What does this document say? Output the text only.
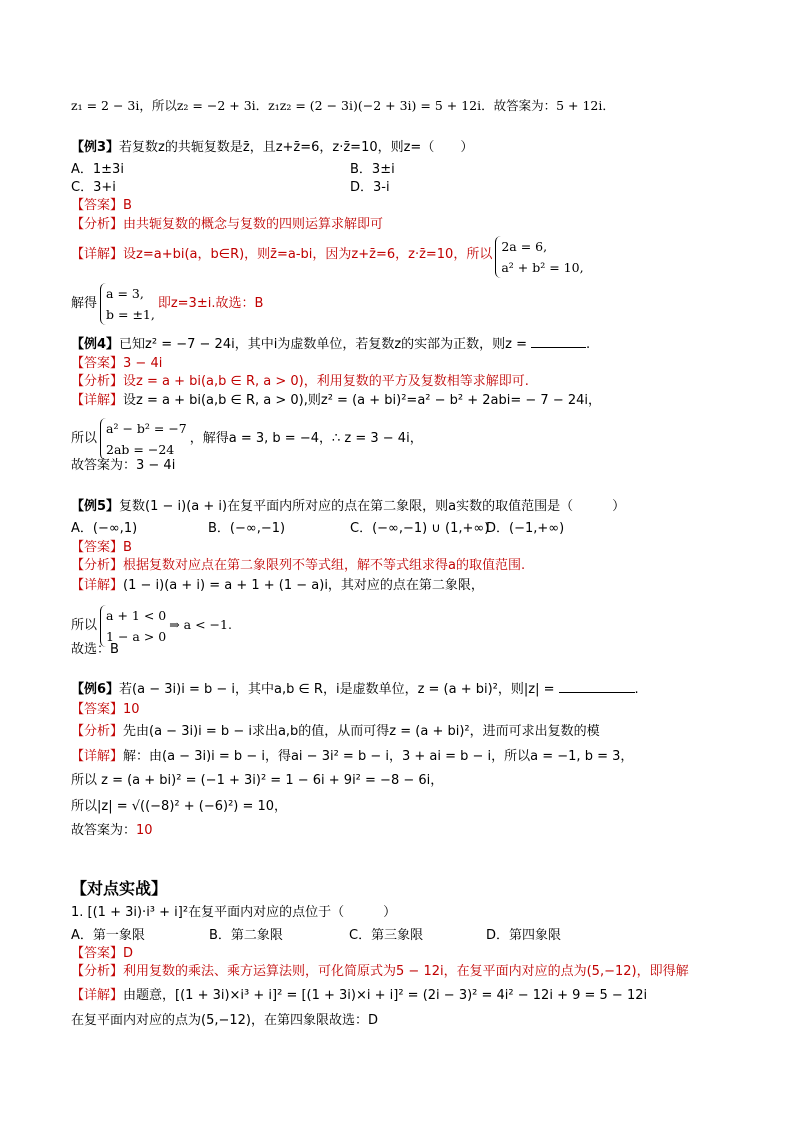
z₁ = 2 − 3i，所以z₂ = −2 + 3i．z₁z₂ = (2 − 3i)(−2 + 3i) = 5 + 12i．故答案为：5 + 12i．
【例3】若复数z的共轭复数是z̄，且z+z̄=6，z·z̄=10，则z=（　　）
A．1±3i	B．3±i
C．3+i	D．3-i
【答案】B
【分析】由共轭复数的概念与复数的四则运算求解即可
【详解】设z=a+bi(a，b∈R)，则z̄=a-bi，因为z+z̄=6，z·z̄=10，所以
2a = 6,
a² + b² = 10,
解得
a = 3,
b = ±1,
即z=3±i.故选：B
【例4】已知z² = −7 − 24i，其中i为虚数单位，若复数z的实部为正数，则z =	.
【答案】3 − 4i
【分析】设z = a + bi(a,b ∈ R, a > 0)，利用复数的平方及复数相等求解即可.
【详解】设z = a + bi(a,b ∈ R, a > 0),则z² = (a + bi)²=a² − b² + 2abi= − 7 − 24i，
所以
a² − b² = −7
2ab = −24
，解得a = 3, b = −4，∴ z = 3 − 4i，
故答案为：3 − 4i
【例5】复数(1 − i)(a + i)在复平面内所对应的点在第二象限，则a实数的取值范围是（　　　）
A．(−∞,1)	B．(−∞,−1)	C．(−∞,−1) ∪ (1,+∞)
D．(−1,+∞)
【答案】B
【分析】根据复数对应点在第二象限列不等式组，解不等式组求得a的取值范围.
【详解】(1 − i)(a + i) = a + 1 + (1 − a)i，其对应的点在第二象限，
所以
a + 1 < 0
1 − a > 0
⇒ a < −1.
故选：B
【例6】若(a − 3i)i = b − i，其中a,b ∈ R，i是虚数单位，z = (a + bi)²，则|z| =	.
【答案】10
【分析】先由(a − 3i)i = b − i求出a,b的值，从而可得z = (a + bi)²，进而可求出复数的模
【详解】解：由(a − 3i)i = b − i，得ai − 3i² = b − i，3 + ai = b − i，所以a = −1, b = 3，
所以 z = (a + bi)² = (−1 + 3i)² = 1 − 6i + 9i² = −8 − 6i，
所以|z| = √((−8)² + (−6)²) = 10，
故答案为：10
【对点实战】
1. [(1 + 3i)·i³ + i]²在复平面内对应的点位于（　　　）
A．第一象限	B．第二象限	C．第三象限	D．第四象限
【答案】D
【分析】利用复数的乘法、乘方运算法则，可化简原式为5 − 12i，在复平面内对应的点为(5,−12)，即得解
【详解】由题意，[(1 + 3i)×i³ + i]² = [(1 + 3i)×i + i]² = (2i − 3)² = 4i² − 12i + 9 = 5 − 12i
在复平面内对应的点为(5,−12)，在第四象限故选：D
